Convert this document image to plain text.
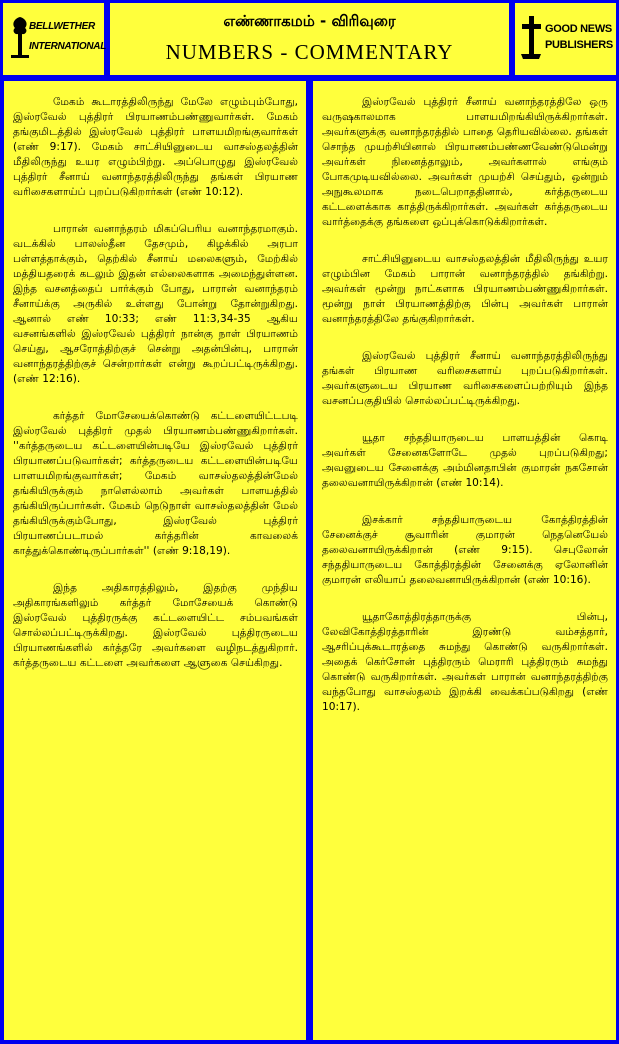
BELLWETHER
INTERNATIONAL
எண்ணாகமம் - விரிவுரை
NUMBERS - COMMENTARY
GOOD NEWS
PUBLISHERS

மேகம் கூடாரத்திலிருந்து மேலே எழும்பும்போது, இஸ்ரவேல் புத்திரர் பிரயாணம்பண்ணுவார்கள். மேகம் தங்குமிடத்தில் இஸ்ரவேல் புத்திரர் பாளயமிறங்குவார்கள் (எண் 9:17). மேகம் சாட்சியினுடைய வாசஸ்தலத்தின் மீதிலிருந்து உயர எழும்பிற்று. அப்பொழுது இஸ்ரவேல் புத்திரர் சீனாய் வனாந்தரத்திலிருந்து தங்கள் பிரயாண வரிசைகளாய்ப் புறப்படுகிறார்கள் (எண் 10:12).

பாரான் வனாந்தரம் மிகப்பெரிய வனாந்தரமாகும். வடக்கில் பாலஸ்தீன தேசமும், கிழக்கில் அரபா பள்ளத்தாக்கும், தெற்கில் சீனாய் மலைகளும், மேற்கில் மத்தியதரைக் கடலும் இதன் எல்லைகளாக அமைந்துள்ளன. இந்த வசனத்தைப் பார்க்கும் போது, பாரான் வனாந்தரம் சீனாய்க்கு அருகில் உள்ளது போன்று தோன்றுகிறது. ஆனால் எண் 10:33; எண் 11:3,34-35 ஆகிய வசனங்களில் இஸ்ரவேல் புத்திரர் நான்கு நாள் பிரயாணம் செய்து, ஆசரோத்திற்குச் சென்று அதன்பின்பு, பாரான் வனாந்தரத்திற்குச் சென்றார்கள் என்று கூறப்பட்டிருக்கிறது. (எண் 12:16).

கர்த்தர் மோசேயைக்கொண்டு கட்டளையிட்டபடி இஸ்ரவேல் புத்திரர் முதல் பிரயாணம்பண்ணுகிறார்கள். ''கர்த்தருடைய கட்டளையின்படியே இஸ்ரவேல் புத்திரர் பிரயாணப்படுவார்கள்; கர்த்தருடைய கட்டளையின்படியே பாளயமிறங்குவார்கள்; மேகம் வாசஸ்தலத்தின்மேல் தங்கியிருக்கும் நாளெல்லாம் அவர்கள் பாளயத்தில் தங்கியிருப்பார்கள். மேகம் நெடுநாள் வாசஸ்தலத்தின் மேல் தங்கியிருக்கும்போது, இஸ்ரவேல் புத்திரர் பிரயாணப்படாமல் கர்த்தரின் காவலைக் காத்துக்கொண்டிருப்பார்கள்'' (எண் 9:18,19).

இந்த அதிகாரத்திலும், இதற்கு முந்திய அதிகாரங்களிலும் கர்த்தர் மோசேயைக் கொண்டு இஸ்ரவேல் புத்திரருக்கு கட்டளையிட்ட சம்பவங்கள் சொல்லப்பட்டிருக்கிறது. இஸ்ரவேல் புத்திரருடைய பிரயாணங்களில் கர்த்தரே அவர்களை வழிநடத்துகிறார். கர்த்தருடைய கட்டளை அவர்களை ஆளுகை செய்கிறது.

இஸ்ரவேல் புத்திரர் சீனாய் வனாந்தரத்திலே ஒரு வருஷகாலமாக பாளயமிறங்கியிருக்கிறார்கள். அவர்களுக்கு வனாந்தரத்தில் பாதை தெரியவில்லை. தங்கள் சொந்த முயற்சியினால் பிரயாணம்பண்ணவேண்டுமென்று அவர்கள் நினைத்தாலும், அவர்களால் எங்கும் போகமுடியவில்லை. அவர்கள் முயற்சி செய்தும், ஒன்றும் அநுகூலமாக நடைபெறாததினால், கர்த்தருடைய கட்டளைக்காக காத்திருக்கிறார்கள். அவர்கள் கர்த்தருடைய வார்த்தைக்கு தங்களை ஒப்புக்கொடுக்கிறார்கள்.

சாட்சியினுடைய வாசஸ்தலத்தின் மீதிலிருந்து உயர எழும்பின மேகம் பாரான் வனாந்தரத்தில் தங்கிற்று. அவர்கள் மூன்று நாட்களாக பிரயாணம்பண்ணுகிறார்கள். மூன்று நாள் பிரயாணத்திற்கு பின்பு அவர்கள் பாரான் வனாந்தரத்திலே தங்குகிறார்கள்.

இஸ்ரவேல் புத்திரர் சீனாய் வனாந்தரத்திலிருந்து தங்கள் பிரயாண வரிசைகளாய் புறப்படுகிறார்கள். அவர்களுடைய பிரயாண வரிசைகளைப்பற்றியும் இந்த வசனப்பகுதியில் சொல்லப்பட்டிருக்கிறது.

யூதா சந்ததியாருடைய பாளயத்தின் கொடி அவர்கள் சேனைகளோடே முதல் புறப்படுகிறது; அவனுடைய சேனைக்கு அம்மினதாபின் குமாரன் நகசோன் தலைவனாயிருக்கிறான் (எண் 10:14).

இசக்கார் சந்ததியாருடைய கோத்திரத்தின் சேனைக்குச் சூவாரின் குமாரன் நெதனெயேல் தலைவனாயிருக்கிறான் (எண் 9:15). செபுலோன் சந்ததியாருடைய கோத்திரத்தின் சேனைக்கு ஏலோனின் குமாரன் எலியாப் தலைவனாயிருக்கிறான் (எண் 10:16).

யூதாகோத்திரத்தாருக்கு பின்பு, லேவிகோத்திரத்தாரின் இரண்டு வம்சத்தார், ஆசரிப்புக்கூடாரத்தை சுமந்து கொண்டு வருகிறார்கள். அதைக் கெர்சோன் புத்திரரும் மெராரி புத்திரரும் சுமந்து கொண்டு வருகிறார்கள். அவர்கள் பாரான் வனாந்தரத்திற்கு வந்தபோது வாசஸ்தலம் இறக்கி வைக்கப்படுகிறது (எண் 10:17).
